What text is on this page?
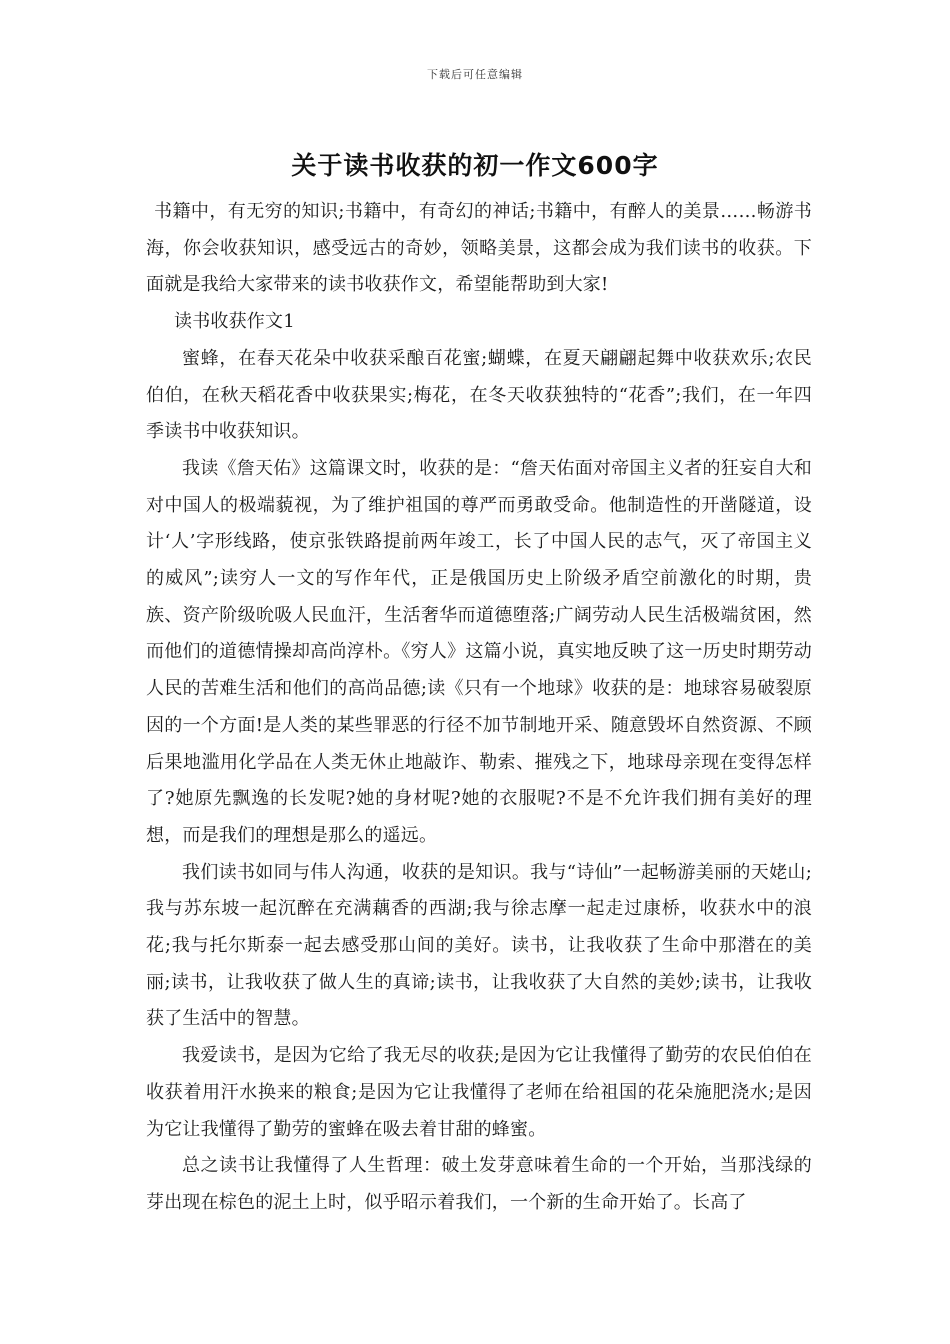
下载后可任意编辑
关于读书收获的初一作文600字

书籍中，有无穷的知识;书籍中，有奇幻的神话;书籍中，有醉人的美景……畅游书海，你会收获知识，感受远古的奇妙，领略美景，这都会成为我们读书的收获。下面就是我给大家带来的读书收获作文，希望能帮助到大家!

读书收获作文1

蜜蜂，在春天花朵中收获采酿百花蜜;蝴蝶，在夏天翩翩起舞中收获欢乐;农民伯伯，在秋天稻花香中收获果实;梅花，在冬天收获独特的“花香”;我们，在一年四季读书中收获知识。

我读《詹天佑》这篇课文时，收获的是：“詹天佑面对帝国主义者的狂妄自大和对中国人的极端藐视，为了维护祖国的尊严而勇敢受命。他制造性的开凿隧道，设计‘人’字形线路，使京张铁路提前两年竣工，长了中国人民的志气，灭了帝国主义的威风”;读穷人一文的写作年代，正是俄国历史上阶级矛盾空前激化的时期，贵族、资产阶级吮吸人民血汗，生活奢华而道德堕落;广阔劳动人民生活极端贫困，然而他们的道德情操却高尚淳朴。《穷人》这篇小说，真实地反映了这一历史时期劳动人民的苦难生活和他们的高尚品德;读《只有一个地球》收获的是：地球容易破裂原因的一个方面!是人类的某些罪恶的行径不加节制地开采、随意毁坏自然资源、不顾后果地滥用化学品在人类无休止地敲诈、勒索、摧残之下，地球母亲现在变得怎样了?她原先飘逸的长发呢?她的身材呢?她的衣服呢?不是不允许我们拥有美好的理想，而是我们的理想是那么的遥远。

我们读书如同与伟人沟通，收获的是知识。我与“诗仙”一起畅游美丽的天姥山;我与苏东坡一起沉醉在充满藕香的西湖;我与徐志摩一起走过康桥，收获水中的浪花;我与托尔斯泰一起去感受那山间的美好。读书，让我收获了生命中那潜在的美丽;读书，让我收获了做人生的真谛;读书，让我收获了大自然的美妙;读书，让我收获了生活中的智慧。

我爱读书，是因为它给了我无尽的收获;是因为它让我懂得了勤劳的农民伯伯在收获着用汗水换来的粮食;是因为它让我懂得了老师在给祖国的花朵施肥浇水;是因为它让我懂得了勤劳的蜜蜂在吸去着甘甜的蜂蜜。

总之读书让我懂得了人生哲理：破土发芽意味着生命的一个开始，当那浅绿的芽出现在棕色的泥土上时，似乎昭示着我们，一个新的生命开始了。长高了
